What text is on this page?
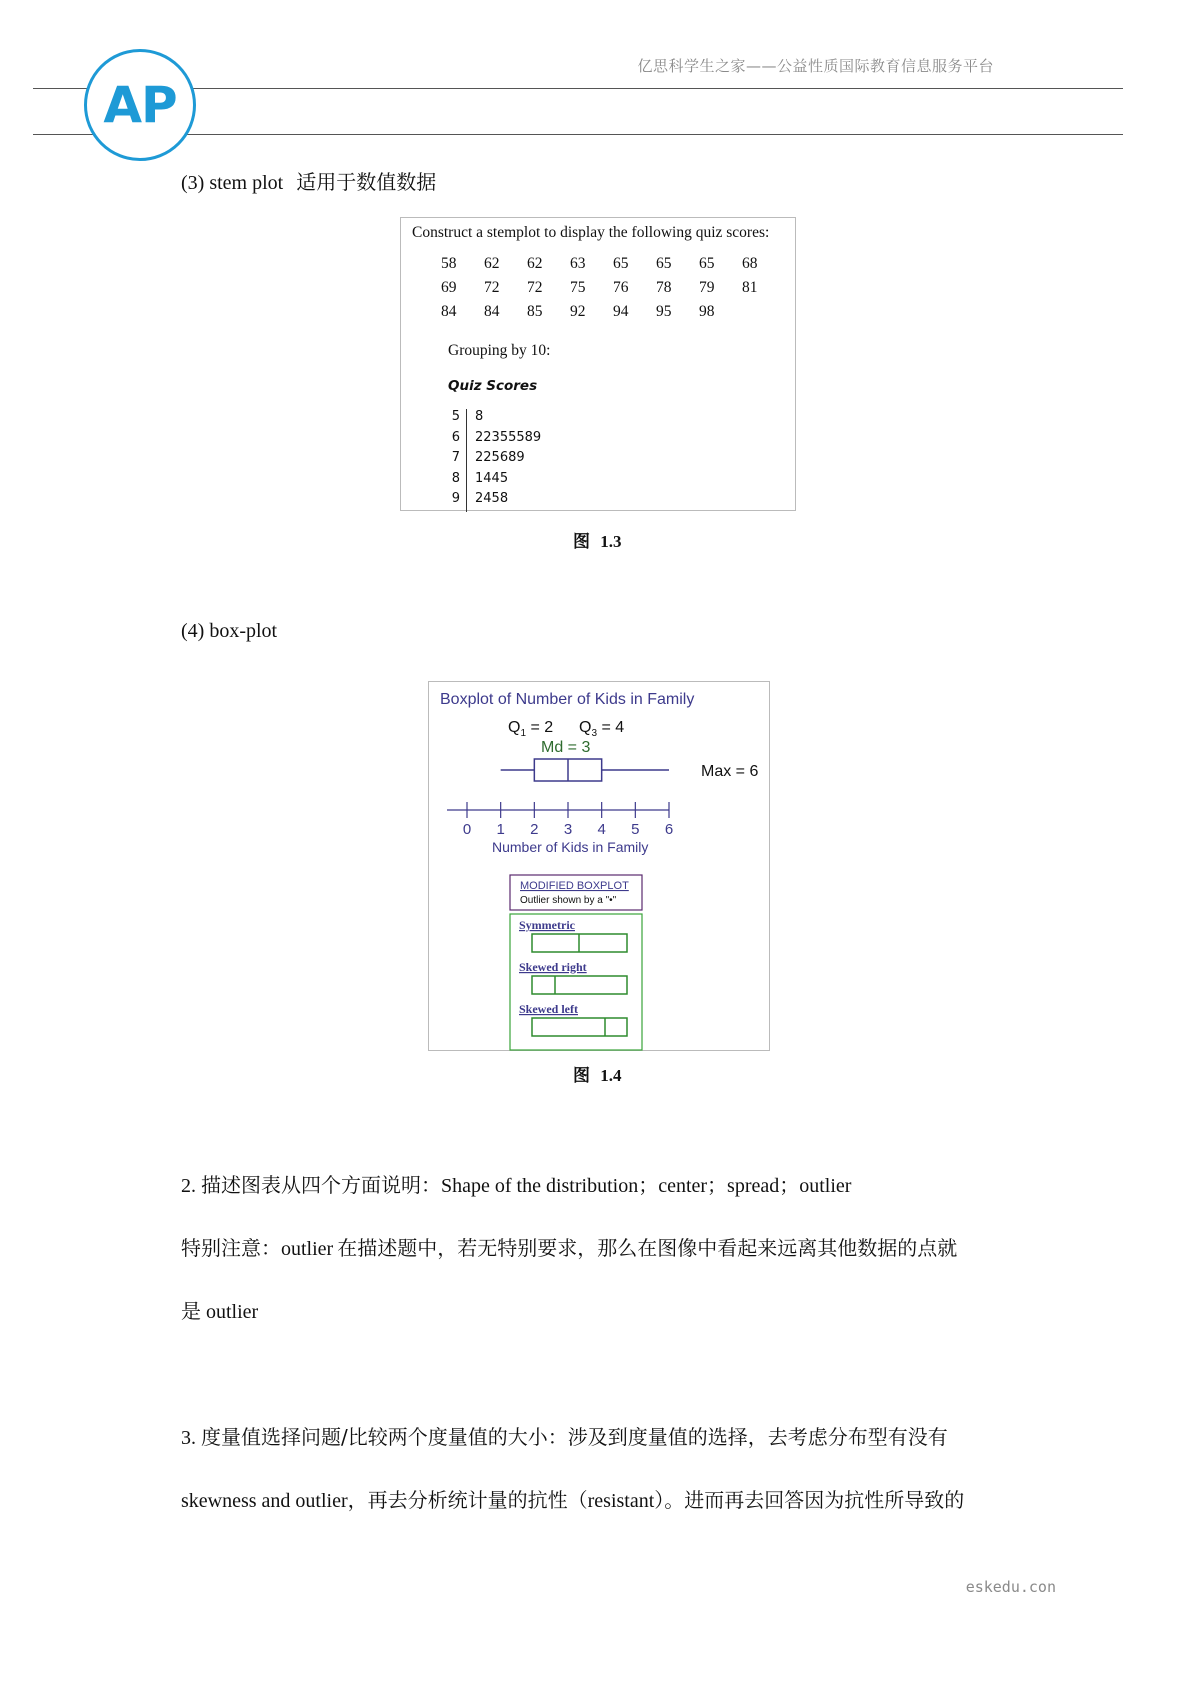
亿思科学生之家——公益性质国际教育信息服务平台
AP
(3) stem plot 适用于数值数据
Construct a stemplot to display the following quiz scores:
58	62	62	63	65	65	65	68
69	72	72	75	76	78	79	81
84	84	85	92	94	95	98
Grouping by 10:
Quiz Scores
5	8
6	22355589
7	225689
8	1445
9	2458
图 1.3
(4) box-plot
Boxplot of Number of Kids in Family
$Q_1 = 2$ $Q_3 = 4$
Md = 3
Max = 6
0 1 2 3 4 5 6
Number of Kids in Family
MODIFIED BOXPLOT
Outlier shown by a "•"
Symmetric
Skewed right
Skewed left
图 1.4
2. 描述图表从四个方面说明：Shape of the distribution；center；spread；outlier
特别注意：outlier 在描述题中，若无特别要求，那么在图像中看起来远离其他数据的点就
是 outlier
3. 度量值选择问题/比较两个度量值的大小：涉及到度量值的选择，去考虑分布型有没有
skewness and outlier，再去分析统计量的抗性（resistant）。进而再去回答因为抗性所导致的
eskedu.con
